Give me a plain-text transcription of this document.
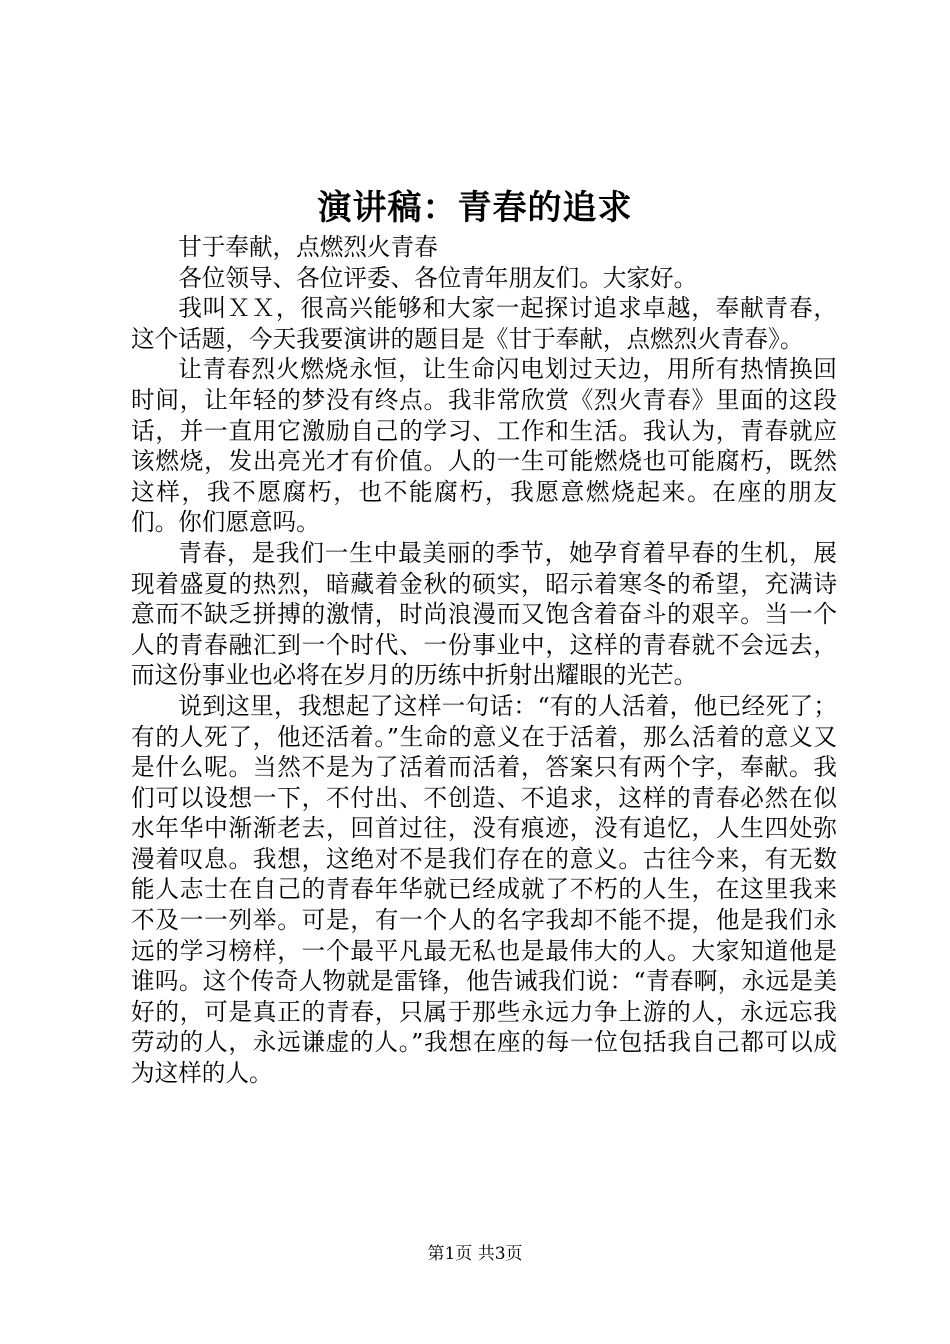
演讲稿：青春的追求

甘于奉献，点燃烈火青春

各位领导、各位评委、各位青年朋友们。大家好。

我叫ＸＸ，很高兴能够和大家一起探讨追求卓越，奉献青春，这个话题，今天我要演讲的题目是《甘于奉献，点燃烈火青春》。

让青春烈火燃烧永恒，让生命闪电划过天边，用所有热情换回时间，让年轻的梦没有终点。我非常欣赏《烈火青春》里面的这段话，并一直用它激励自己的学习、工作和生活。我认为，青春就应该燃烧，发出亮光才有价值。人的一生可能燃烧也可能腐朽，既然这样，我不愿腐朽，也不能腐朽，我愿意燃烧起来。在座的朋友们。你们愿意吗。

青春，是我们一生中最美丽的季节，她孕育着早春的生机，展现着盛夏的热烈，暗藏着金秋的硕实，昭示着寒冬的希望，充满诗意而不缺乏拼搏的激情，时尚浪漫而又饱含着奋斗的艰辛。当一个人的青春融汇到一个时代、一份事业中，这样的青春就不会远去，而这份事业也必将在岁月的历练中折射出耀眼的光芒。

说到这里，我想起了这样一句话：“有的人活着，他已经死了；有的人死了，他还活着。”生命的意义在于活着，那么活着的意义又是什么呢。当然不是为了活着而活着，答案只有两个字，奉献。我们可以设想一下，不付出、不创造、不追求，这样的青春必然在似水年华中渐渐老去，回首过往，没有痕迹，没有追忆，人生四处弥漫着叹息。我想，这绝对不是我们存在的意义。古往今来，有无数能人志士在自己的青春年华就已经成就了不朽的人生，在这里我来不及一一列举。可是，有一个人的名字我却不能不提，他是我们永远的学习榜样，一个最平凡最无私也是最伟大的人。大家知道他是谁吗。这个传奇人物就是雷锋，他告诫我们说：“青春啊，永远是美好的，可是真正的青春，只属于那些永远力争上游的人，永远忘我劳动的人，永远谦虚的人。”我想在座的每一位包括我自己都可以成为这样的人。

第1页 共3页
